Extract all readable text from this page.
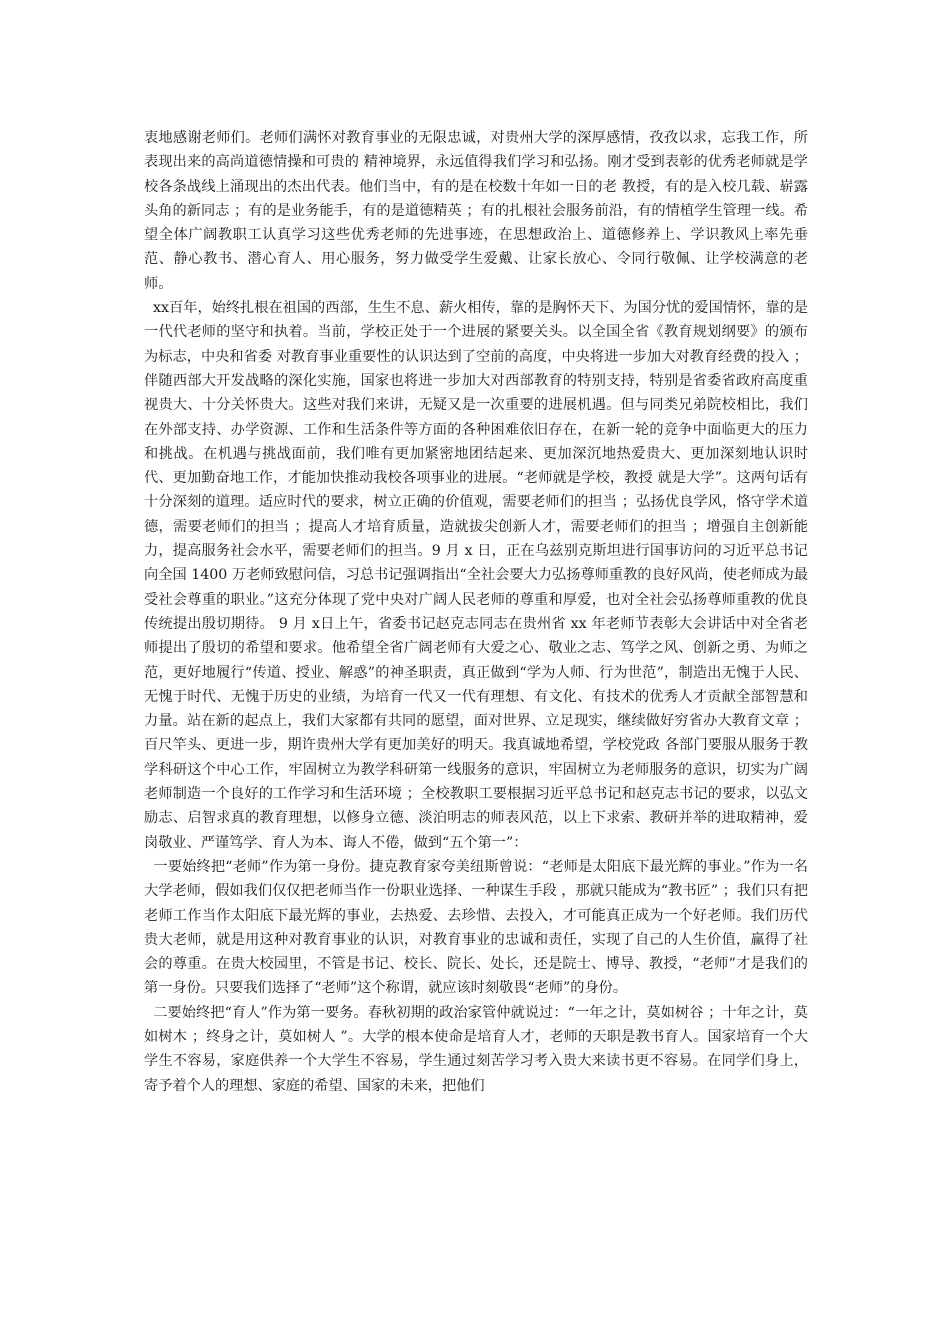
衷地感谢老师们。老师们满怀对教育事业的无限忠诚，对贵州大学的深厚感情，孜孜以求，忘我工作，所表现出来的高尚道德情操和可贵的 精神境界，永远值得我们学习和弘扬。刚才受到表彰的优秀老师就是学校各条战线上涌现出的杰出代表。他们当中，有的是在校数十年如一日的老 教授，有的是入校几载、崭露头角的新同志 ；有的是业务能手，有的是道德精英 ；有的扎根社会服务前沿，有的情植学生管理一线。希望全体广阔教职工认真学习这些优秀老师的先进事迹，在思想政治上、道德修养上、学识教风上率先垂范、静心教书、潜心育人、用心服务，努力做受学生爱戴、让家长放心、令同行敬佩、让学校满意的老师。

xx百年，始终扎根在祖国的西部，生生不息、薪火相传，靠的是胸怀天下、为国分忧的爱国情怀，靠的是一代代老师的坚守和执着。当前，学校正处于一个进展的紧要关头。以全国全省《教育规划纲要》的颁布为标志，中央和省委 对教育事业重要性的认识达到了空前的高度，中央将进一步加大对教育经费的投入 ；伴随西部大开发战略的深化实施，国家也将进一步加大对西部教育的特别支持，特别是省委省政府高度重视贵大、十分关怀贵大。这些对我们来讲，无疑又是一次重要的进展机遇。但与同类兄弟院校相比，我们在外部支持、办学资源、工作和生活条件等方面的各种困难依旧存在，在新一轮的竞争中面临更大的压力和挑战。在机遇与挑战面前，我们唯有更加紧密地团结起来、更加深沉地热爱贵大、更加深刻地认识时代、更加勤奋地工作，才能加快推动我校各项事业的进展。“老师就是学校，教授 就是大学”。这两句话有十分深刻的道理。适应时代的要求，树立正确的价值观，需要老师们的担当 ；弘扬优良学风，恪守学术道德，需要老师们的担当 ；提高人才培育质量，造就拔尖创新人才，需要老师们的担当 ；增强自主创新能力，提高服务社会水平，需要老师们的担当。9 月 x 日，正在乌兹别克斯坦进行国事访问的习近平总书记向全国 1400 万老师致慰问信，习总书记强调指出“全社会要大力弘扬尊师重教的良好风尚，使老师成为最受社会尊重的职业。”这充分体现了党中央对广阔人民老师的尊重和厚爱，也对全社会弘扬尊师重教的优良传统提出殷切期待。 9 月 x日上午，省委书记赵克志同志在贵州省 xx 年老师节表彰大会讲话中对全省老师提出了殷切的希望和要求。他希望全省广阔老师有大爱之心、敬业之志、笃学之风、创新之勇、为师之范，更好地履行“传道、授业、解惑”的神圣职责，真正做到“学为人师、行为世范”，制造出无愧于人民、无愧于时代、无愧于历史的业绩，为培育一代又一代有理想、有文化、有技术的优秀人才贡献全部智慧和力量。站在新的起点上，我们大家都有共同的愿望，面对世界、立足现实，继续做好穷省办大教育文章 ；百尺竿头、更进一步，期许贵州大学有更加美好的明天。我真诚地希望，学校党政 各部门要服从服务于教学科研这个中心工作，牢固树立为教学科研第一线服务的意识，牢固树立为老师服务的意识，切实为广阔老师制造一个良好的工作学习和生活环境 ；全校教职工要根据习近平总书记和赵克志书记的要求，以弘文励志、启智求真的教育理想，以修身立德、淡泊明志的师表风范，以上下求索、教研并举的进取精神，爱岗敬业、严谨笃学、育人为本、诲人不倦，做到“五个第一”：

一要始终把“老师”作为第一身份。捷克教育家夸美纽斯曾说：“老师是太阳底下最光辉的事业。”作为一名大学老师，假如我们仅仅把老师当作一份职业选择、一种谋生手段 ，那就只能成为“教书匠” ；我们只有把老师工作当作太阳底下最光辉的事业，去热爱、去珍惜、去投入，才可能真正成为一个好老师。我们历代贵大老师，就是用这种对教育事业的认识，对教育事业的忠诚和责任，实现了自己的人生价值，赢得了社会的尊重。在贵大校园里，不管是书记、校长、院长、处长，还是院士、博导、教授，“老师”才是我们的第一身份。只要我们选择了“老师”这个称谓，就应该时刻敬畏“老师”的身份。

二要始终把“育人”作为第一要务。春秋初期的政治家管仲就说过：“一年之计，莫如树谷 ；十年之计，莫如树木 ；终身之计，莫如树人 ”。大学的根本使命是培育人才，老师的天职是教书育人。国家培育一个大学生不容易，家庭供养一个大学生不容易，学生通过刻苦学习考入贵大来读书更不容易。在同学们身上，寄予着个人的理想、家庭的希望、国家的未来，把他们
